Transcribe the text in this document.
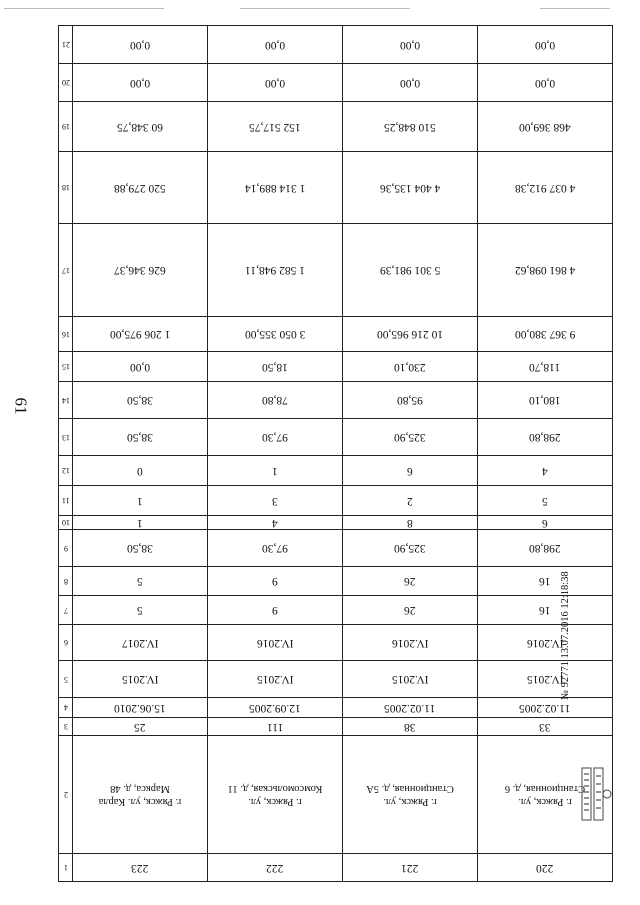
61
21	0,00	0,00	0,00	0,00
20	0,00	0,00	0,00	0,00
19	60 348,75	152 517,75	510 848,25	468 369,00
18	520 279,88	1 314 889,14	4 404 135,36	4 037 912,38
17	626 346,37	1 582 948,11	5 301 981,39	4 861 098,62
16	1 206 975,00	3 050 355,00	10 216 965,00	9 367 380,00
15	0,00	18,50	230,10	118,70
14	38,50	78,80	95,80	180,10
13	38,50	97,30	325,90	298,80
12	0	1	6	4
11	1	3	2	5
10	1	4	8	6
9	38,50	97,30	325,90	298,80
8	5	9	26	16
7	5	9	26	16
6	IV.2017	IV.2016	IV.2016	IV.2016
5	IV.2015	IV.2015	IV.2015	IV.2015
4	15.06.2010	12.09.2005	11.02.2005	11.02.2005
3	25	111	38	33
2	г. Ряжск, ул. Карла Маркса, д. 48	г. Ряжск, ул. Комсомольская, д. 11	г. Ряжск, ул. Станционная, д. 5А	г. Ряжск, ул. Станционная, д. 6
1	223	222	221	220
№ 92771 13.07.2016 12:18:38
